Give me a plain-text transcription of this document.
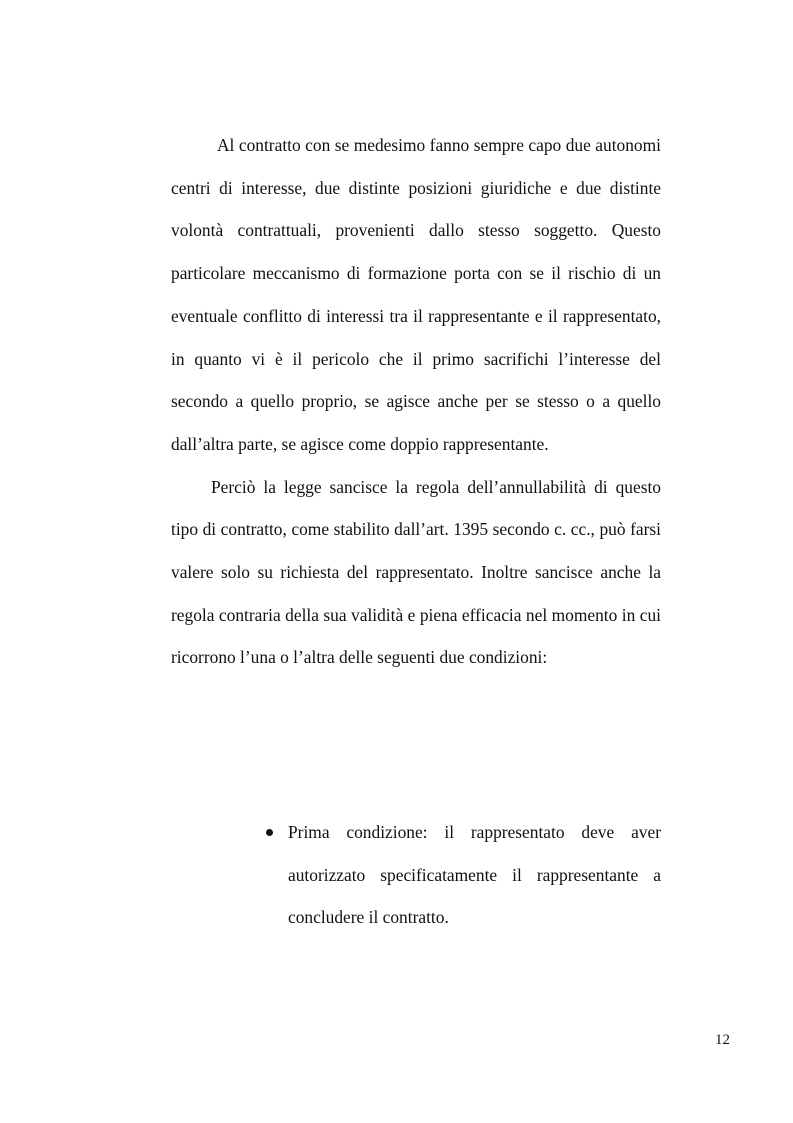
Al contratto con se medesimo fanno sempre capo due autonomi centri di interesse, due distinte posizioni giuridiche e due distinte volontà contrattuali, provenienti dallo stesso soggetto. Questo particolare meccanismo di formazione porta con se il rischio di un eventuale conflitto di interessi tra il rappresentante e il rappresentato, in quanto vi è il pericolo che il primo sacrifichi l’interesse del secondo a quello proprio, se agisce anche per se stesso o a quello dall’altra parte, se agisce come doppio rappresentante.

Perciò la legge sancisce la regola dell’annullabilità di questo tipo di contratto, come stabilito dall’art. 1395 secondo c. cc., può farsi valere solo su richiesta del rappresentato. Inoltre sancisce anche la regola contraria della sua validità e piena efficacia nel momento in cui ricorrono l’una o l’altra delle seguenti due condizioni:

Prima condizione: il rappresentato deve aver autorizzato specificatamente il rappresentante a concludere il contratto.
12
